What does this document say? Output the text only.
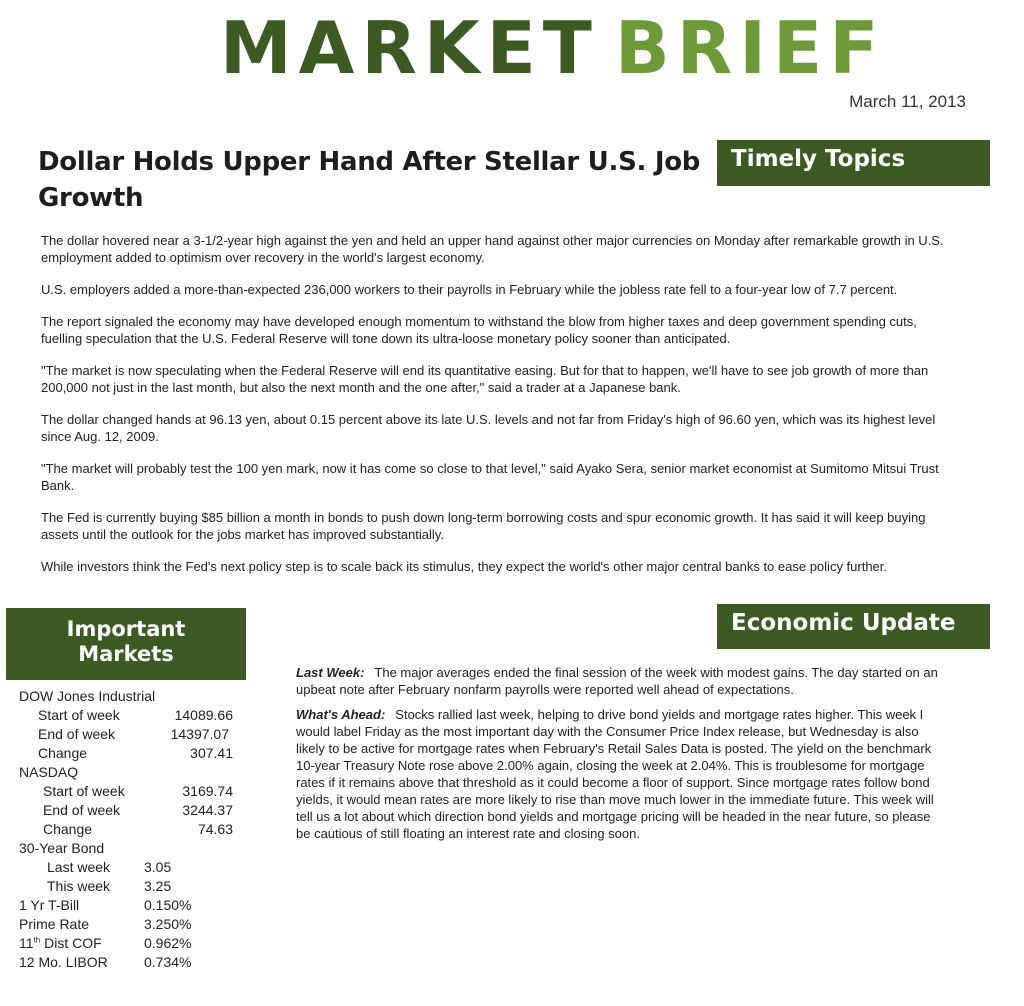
MARKET BRIEF
March 11, 2013
Dollar Holds Upper Hand After Stellar U.S. Job Growth
Timely Topics

The dollar hovered near a 3-1/2-year high against the yen and held an upper hand against other major currencies on Monday after remarkable growth in U.S. employment added to optimism over recovery in the world's largest economy.

U.S. employers added a more-than-expected 236,000 workers to their payrolls in February while the jobless rate fell to a four-year low of 7.7 percent.

The report signaled the economy may have developed enough momentum to withstand the blow from higher taxes and deep government spending cuts, fuelling speculation that the U.S. Federal Reserve will tone down its ultra-loose monetary policy sooner than anticipated.

"The market is now speculating when the Federal Reserve will end its quantitative easing. But for that to happen, we'll have to see job growth of more than 200,000 not just in the last month, but also the next month and the one after," said a trader at a Japanese bank.

The dollar changed hands at 96.13 yen, about 0.15 percent above its late U.S. levels and not far from Friday's high of 96.60 yen, which was its highest level since Aug. 12, 2009.

"The market will probably test the 100 yen mark, now it has come so close to that level," said Ayako Sera, senior market economist at Sumitomo Mitsui Trust Bank.

The Fed is currently buying $85 billion a month in bonds to push down long-term borrowing costs and spur economic growth. It has said it will keep buying assets until the outlook for the jobs market has improved substantially.

While investors think the Fed's next policy step is to scale back its stimulus, they expect the world's other major central banks to ease policy further.

Important
Markets
Economic Update

Last Week: The major averages ended the final session of the week with modest gains. The day started on an upbeat note after February nonfarm payrolls were reported well ahead of expectations.

What's Ahead: Stocks rallied last week, helping to drive bond yields and mortgage rates higher. This week I would label Friday as the most important day with the Consumer Price Index release, but Wednesday is also likely to be active for mortgage rates when February's Retail Sales Data is posted. The yield on the benchmark 10-year Treasury Note rose above 2.00% again, closing the week at 2.04%. This is troublesome for mortgage rates if it remains above that threshold as it could become a floor of support. Since mortgage rates follow bond yields, it would mean rates are more likely to rise than move much lower in the immediate future. This week will tell us a lot about which direction bond yields and mortgage pricing will be headed in the near future, so please be cautious of still floating an interest rate and closing soon.

DOW Jones Industrial
Start of week	14089.66
End of week	14397.07
Change	307.41
NASDAQ
Start of week	3169.74
End of week	3244.37
Change	74.63
30-Year Bond
Last week 3.05
This week 3.25
1 Yr T-Bill	0.150%
Prime Rate	3.250%
11th Dist COF	0.962%
12 Mo. LIBOR	0.734%
